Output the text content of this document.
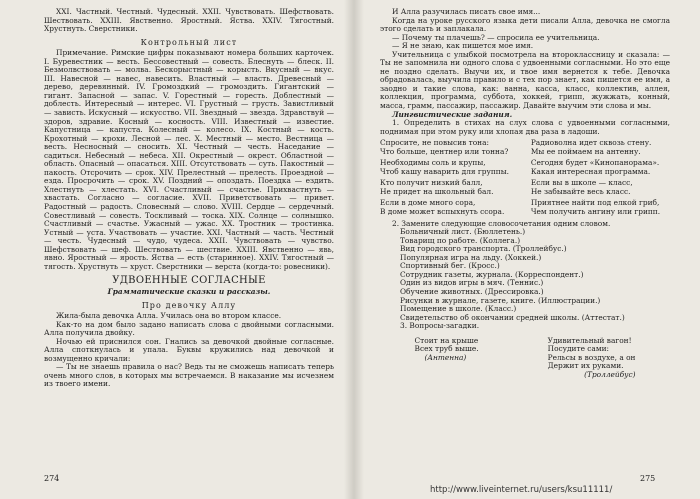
XXI. Частный. Честный. Чудесный. XXII. Чувствовать. Шефствовать. Шествовать. XXIII. Явственно. Яростный. Яства. XXIV. Тягостный. Хрустнуть. Сверстники.

Контрольный лист

Примечание. Римские цифры показывают номера больших карточек. I. Буревестник — весть. Бессовестный — совесть. Блеснуть — блеск. II. Безмолвствовать — молва. Бескорыстный — корысть. Вкусный — вкус. III. Навесной — навес, навесить. Властный — власть. Древесный — дерево, деревянный. IV. Громоздкий — громоздить. Гигантский — гигант. Запасной — запас. V. Горестный — горесть. Доблестный — доблесть. Интересный — интерес. VI. Грустный — грусть. Завистливый — зависть. Искусный — искусство. VII. Звездный — звезда. Здравствуй — здоров, здравие. Косный — косность. VIII. Известный — известие. Капустница — капуста. Колесный — колесо. IX. Костный — кость. Крохотный — крохи. Лесной — лес. X. Местный — место. Вестница — весть. Несносный — сносить. XI. Честный — честь. Наседание — садиться. Небесный — небеса. XII. Окрестный — окрест. Областной — область. Опасный — опасаться. XIII. Отсутствовать — суть. Пакостный — пакость. Отсрочить — срок. XIV. Прелестный — прелесть. Проездной — езда. Просрочить — срок. XV. Поздний — опоздать. Поездка — ездить. Хлестнуть — хлестать. XVI. Счастливый — счастье. Прихвастнуть — хвастать. Согласно — согласие. XVII. Приветствовать — привет. Радостный — радость. Словесный — слово. XVIII. Сердце — сердечный. Совестливый — совесть. Тоскливый — тоска. XIX. Солнце — солнышко. Счастливый — счастье. Ужасный — ужас. XX. Тростник — тростинка. Устный — уста. Участвовать — участие. XXI. Частный — часть. Честный — честь. Чудесный — чудо, чудеса. XXII. Чувствовать — чувство. Шефствовать — шеф. Шествовать — шествие. XXIII. Явственно — явь, явно. Яростный — ярость. Яства — есть (старинное). XXIV. Тягостный — тягость. Хрустнуть — хруст. Сверстники — верста (когда-то: ровесники).

УДВОЕННЫЕ СОГЛАСНЫЕ
Грамматические сказки и рассказы.
Про девочку Аллу

Жила-была девочка Алла. Училась она во втором классе.

Как-то на дом было задано написать слова с двойными согласными. Алла получила двойку.

Ночью ей приснился сон. Гнались за девочкой двойные согласные. Алла споткнулась и упала. Буквы кружились над девочкой и возмущенно кричали:

— Ты не знаешь правила о нас? Ведь ты не сможешь написать теперь очень много слов, в которых мы встречаемся. В наказание мы исчезнем из твоего имени.

274

И Алла разучилась писать свое имя...

Когда на уроке русского языка дети писали Алла, девочка не смогла этого сделать и заплакала.

— Почему ты плачешь? — спросила ее учительница.

— Я не знаю, как пишется мое имя.

Учительница с улыбкой посмотрела на второклассницу и сказала: — Ты не запомнила ни одного слова с удвоенными согласными. Но это еще не поздно сделать. Выучи их, и твое имя вернется к тебе. Девочка обрадовалась, выучила правило и с тех пор знает, как пишется ее имя, а заодно и такие слова, как: ванна, касса, класс, коллектив, аллея, коллекция, программа, суббота, хоккей, грипп, жужжать, конный, масса, грамм, пассажир, пассажир. Давайте выучим эти слова и мы.

Лингвистические задания.

1. Определить в стихах на слух слова с удвоенными согласными, поднимая при этом руку или хлопая два раза в ладоши.

Спросите, не повысив тона:
Что больше, центнер или тонна?
Радиоволна идет сквозь стену.
Мы ее поймаем на антенну.
Необходимы соль и крупы,
Чтоб кашу наварить для группы.
Сегодня будет «Кинопанорама».
Какая интересная программа.
Кто получит низкий балл,
Не придет на школьный бал.
Если вы в школе — класс,
Не забывайте весь класс.
Если в доме много сора,
В доме может вспыхнуть ссора.
Приятнее найти под елкой гриб,
Чем получить ангину или грипп.

2. Замените следующие словосочетания одним словом.

Больничный лист. (Бюллетень.)
Товарищ по работе. (Коллега.)
Вид городского транспорта. (Троллейбус.)
Популярная игра на льду. (Хоккей.)
Спортивный бег. (Кросс.)
Сотрудник газеты, журнала. (Корреспондент.)
Один из видов игры в мяч. (Теннис.)
Обучение животных. (Дрессировка.)
Рисунки в журнале, газете, книге. (Иллюстрации.)
Помещение в школе. (Класс.)
Свидетельство об окончании средней школы. (Аттестат.)
3. Вопросы-загадки.

Стоит на крыше
Всех труб выше.
(Антенна)
Удивительный вагон!
Посудите сами:
Рельсы в воздухе, а он
Держит их руками.
(Троллейбус)
275
http://www.liveinternet.ru/users/ksu11111/
